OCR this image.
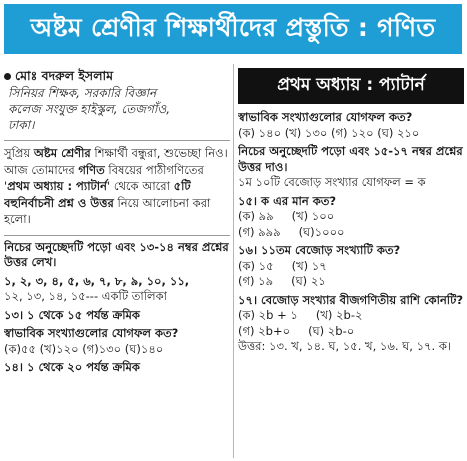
অষ্টম শ্রেণীর শিক্ষার্থীদের প্রস্তুতি : গণিত
মোঃ বদরুল ইসলাম
সিনিয়র শিক্ষক, সরকারি বিজ্ঞান
কলেজ সংযুক্ত হাইস্কুল, তেজগাঁও,
ঢাকা।
সুপ্রিয় অষ্টম শ্রেণীর শিক্ষার্থী বন্ধুরা, শুভেচ্ছা নিও। আজ তোমাদের গণিত বিষয়ের পাঠীগণিতের 'প্রথম অধ্যায় : প্যাটার্ন' থেকে আরো ৫টি বহুনির্বাচনী প্রশ্ন ও উত্তর নিয়ে আলোচনা করা হলো।
নিচের অনুচ্ছেদটি পড়ো এবং ১৩-১৪ নম্বর প্রশ্নের উত্তর লেখ।
১, ২, ৩, ৪, ৫, ৬, ৭, ৮, ৯, ১০, ১১,
১২, ১৩, ১৪, ১৫--- একটি তালিকা
১৩। ১ থেকে ১৫ পর্যন্ত ক্রমিক
স্বাভাবিক সংখ্যাগুলোর যোগফল কত?
(ক)৫৫ (খ)১২০ (গ)১৩০ (ঘ)১৪০
১৪। ১ থেকে ২০ পর্যন্ত ক্রমিক
প্রথম অধ্যায় : প্যাটার্ন
স্বাভাবিক সংখ্যাগুলোর যোগফল কত?
(ক) ১৪০ (খ) ১৩০ (গ) ১২০ (ঘ) ২১০
নিচের অনুচ্ছেদটি পড়ো এবং ১৫-১৭ নম্বর প্রশ্নের উত্তর দাও।
১ম ১০টি বেজোড় সংখ্যার যোগফল = ক
১৫। ক এর মান কত?
(ক) ৯৯ (খ) ১০০
(গ) ৯৯৯ (ঘ)১০০০
১৬। ১১তম বেজোড় সংখ্যাটি কত?
(ক) ১৫ (খ) ১৭
(গ) ১৯ (ঘ) ২১
১৭। বেজোড় সংখ্যার বীজগণিতীয় রাশি কোনটি?
(ক) ২b + ১ (খ) ২b-২
(গ) ২b+০ (ঘ) ২b-০
উত্তর: ১৩. খ, ১৪. ঘ, ১৫. খ, ১৬. ঘ, ১৭. ক।
